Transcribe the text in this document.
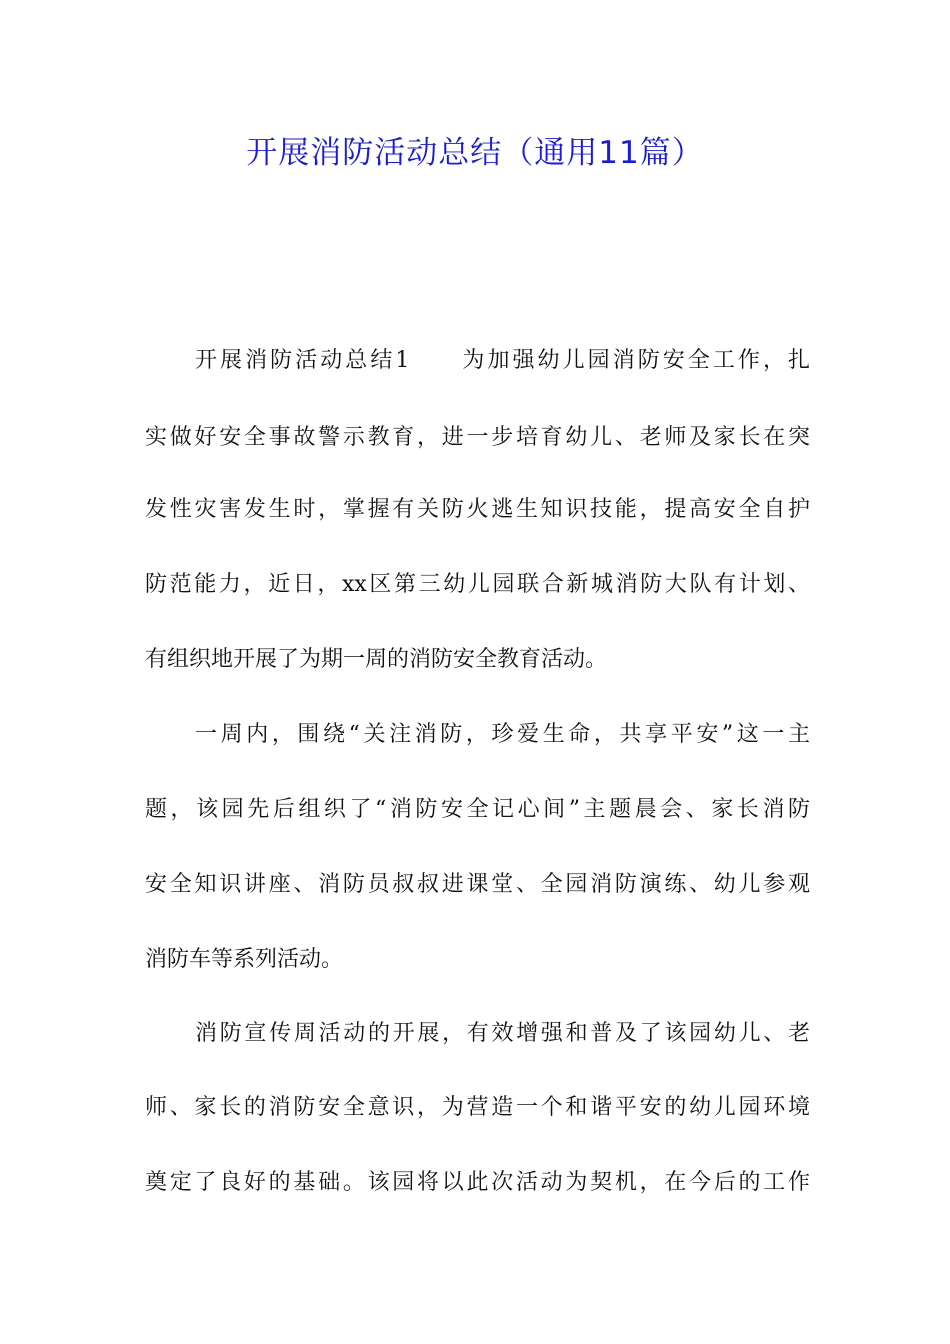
开展消防活动总结（通用11篇）
开展消防活动总结1 为加强幼儿园消防安全工作，扎
实做好安全事故警示教育，进一步培育幼儿、老师及家长在突
发性灾害发生时，掌握有关防火逃生知识技能，提高安全自护
防范能力，近日，xx区第三幼儿园联合新城消防大队有计划、
有组织地开展了为期一周的消防安全教育活动。
一周内，围绕“关注消防，珍爱生命，共享平安”这一主
题，该园先后组织了“消防安全记心间”主题晨会、家长消防
安全知识讲座、消防员叔叔进课堂、全园消防演练、幼儿参观
消防车等系列活动。
消防宣传周活动的开展，有效增强和普及了该园幼儿、老
师、家长的消防安全意识，为营造一个和谐平安的幼儿园环境
奠定了良好的基础。该园将以此次活动为契机，在今后的工作
